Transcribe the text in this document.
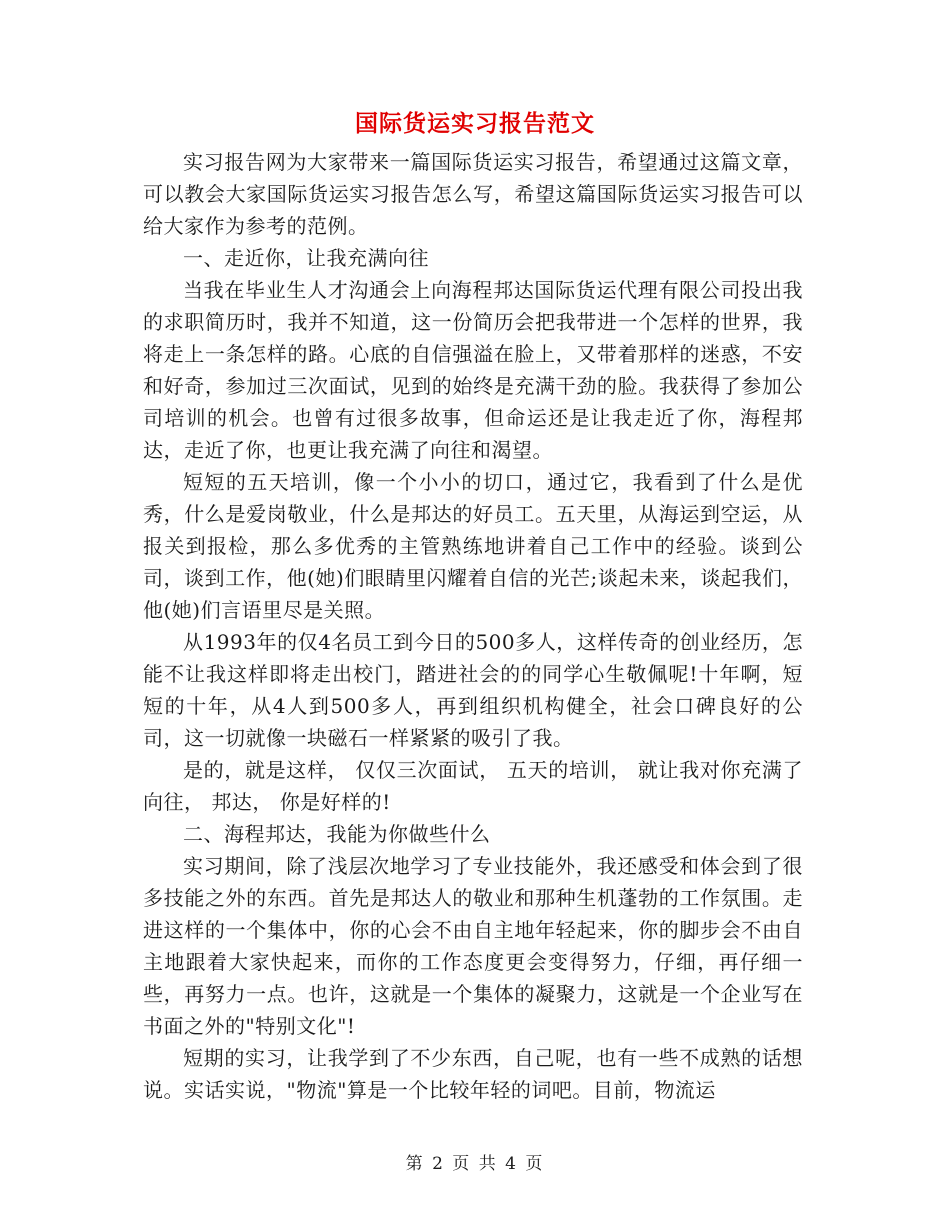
国际货运实习报告范文

实习报告网为大家带来一篇国际货运实习报告，希望通过这篇文章，可以教会大家国际货运实习报告怎么写，希望这篇国际货运实习报告可以给大家作为参考的范例。

一、走近你，让我充满向往

当我在毕业生人才沟通会上向海程邦达国际货运代理有限公司投出我的求职简历时，我并不知道，这一份简历会把我带进一个怎样的世界，我将走上一条怎样的路。心底的自信强溢在脸上，又带着那样的迷惑，不安和好奇，参加过三次面试，见到的始终是充满干劲的脸。我获得了参加公司培训的机会。也曾有过很多故事，但命运还是让我走近了你，海程邦达，走近了你，也更让我充满了向往和渴望。

短短的五天培训，像一个小小的切口，通过它，我看到了什么是优秀，什么是爱岗敬业，什么是邦达的好员工。五天里，从海运到空运，从报关到报检，那么多优秀的主管熟练地讲着自己工作中的经验。谈到公司，谈到工作，他(她)们眼睛里闪耀着自信的光芒;谈起未来，谈起我们，他(她)们言语里尽是关照。

从1993年的仅4名员工到今日的500多人，这样传奇的创业经历，怎能不让我这样即将走出校门，踏进社会的的同学心生敬佩呢!十年啊，短短的十年，从4人到500多人，再到组织机构健全，社会口碑良好的公司，这一切就像一块磁石一样紧紧的吸引了我。

是的，就是这样， 仅仅三次面试， 五天的培训， 就让我对你充满了向往， 邦达， 你是好样的!

二、海程邦达，我能为你做些什么

实习期间，除了浅层次地学习了专业技能外，我还感受和体会到了很多技能之外的东西。首先是邦达人的敬业和那种生机蓬勃的工作氛围。走进这样的一个集体中，你的心会不由自主地年轻起来，你的脚步会不由自主地跟着大家快起来，而你的工作态度更会变得努力，仔细，再仔细一些，再努力一点。也许，这就是一个集体的凝聚力，这就是一个企业写在书面之外的"特别文化"!

短期的实习，让我学到了不少东西，自己呢，也有一些不成熟的话想说。实话实说，"物流"算是一个比较年轻的词吧。目前，物流运

第 2 页 共 4 页
